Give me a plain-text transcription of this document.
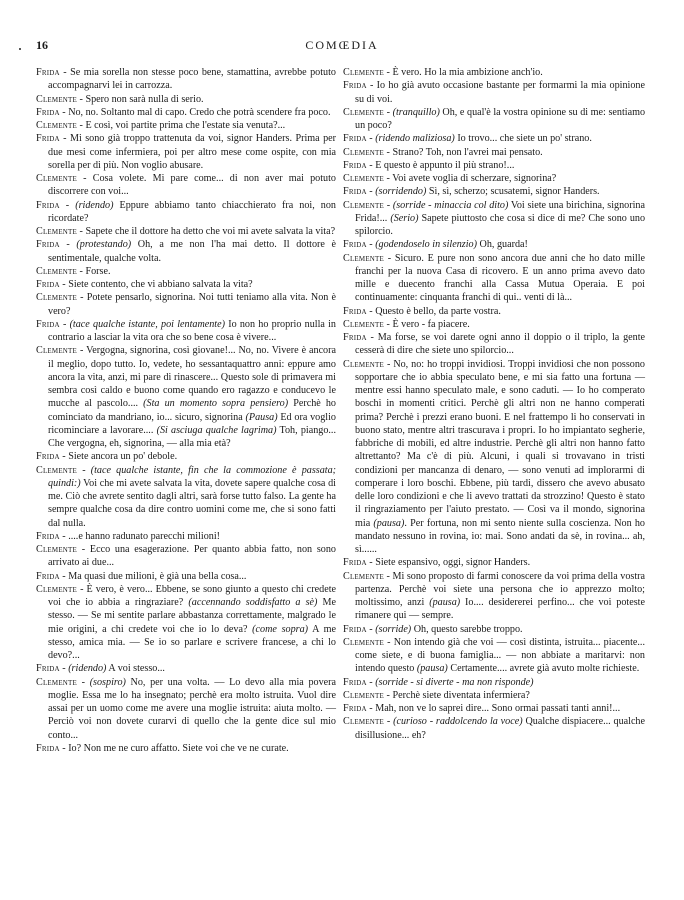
16	COMŒDIA

Frida - Se mia sorella non stesse poco bene, stamattina, avrebbe potuto accompagnarvi lei in carrozza.

Clemente - Spero non sarà nulla di serio.

Frida - No, no. Soltanto mal di capo. Credo che potrà scendere fra poco.

Clemente - E così, voi partite prima che l'estate sia venuta?...

Frida - Mi sono già troppo trattenuta da voi, signor Handers. Prima per due mesi come infermiera, poi per altro mese come ospite, con mia sorella per di più. Non voglio abusare.

Clemente - Cosa volete. Mi pare come... di non aver mai potuto discorrere con voi...

Frida - (ridendo) Eppure abbiamo tanto chiacchierato fra noi, non ricordate?

Clemente - Sapete che il dottore ha detto che voi mi avete salvata la vita?

Frida - (protestando) Oh, a me non l'ha mai detto. Il dottore è sentimentale, qualche volta.

Clemente - Forse.

Frida - Siete contento, che vi abbiano salvata la vita?

Clemente - Potete pensarlo, signorina. Noi tutti teniamo alla vita. Non è vero?

Frida - (tace qualche istante, poi lentamente) Io non ho proprio nulla in contrario a lasciar la vita ora che so bene cosa è vivere...

Clemente - Vergogna, signorina, così giovane!... No, no. Vivere è ancora il meglio, dopo tutto. Io, vedete, ho sessantaquattro anni: eppure amo ancora la vita, anzi, mi pare di rinascere... Questo sole di primavera mi sembra così caldo e buono come quando ero ragazzo e conducevo le mucche al pascolo.... (Sta un momento sopra pensiero) Perchè ho cominciato da mandriano, io... sicuro, signorina (Pausa) Ed ora voglio ricominciare a lavorare.... (Si asciuga qualche lagrima) Toh, piango... Che vergogna, eh, signorina, — alla mia età?

Frida - Siete ancora un po' debole.

Clemente - (tace qualche istante, fin che la commozione è passata; quindi:) Voi che mi avete salvata la vita, dovete sapere qualche cosa di me. Ciò che avrete sentito dagli altri, sarà forse tutto falso. La gente ha sempre qualche cosa da dire contro uomini come me, che si sono fatti dal nulla.

Frida - ....e hanno radunato parecchi milioni!

Clemente - Ecco una esagerazione. Per quanto abbia fatto, non sono arrivato ai due...

Frida - Ma quasi due milioni, è già una bella cosa...

Clemente - È vero, è vero... Ebbene, se sono giunto a questo chi credete voi che io abbia a ringraziare? (accennando soddisfatto a sè) Me stesso. — Se mi sentite parlare abbastanza correttamente, malgrado le mie origini, a chi credete voi che io lo deva? (come sopra) A me stesso, amica mia. — Se io so parlare e scrivere francese, a chi lo devo?...

Frida - (ridendo) A voi stesso...

Clemente - (sospiro) No, per una volta. — Lo devo alla mia povera moglie. Essa me lo ha insegnato; perchè era molto istruita. Vuol dire assai per un uomo come me avere una moglie istruita: aiuta molto. — Perciò voi non dovete curarvi di quello che la gente dice sul mio conto...

Frida - Io? Non me ne curo affatto. Siete voi che ve ne curate.

Clemente - È vero. Ho la mia ambizione anch'io.

Frida - Io ho già avuto occasione bastante per formarmi la mia opinione su di voi.

Clemente - (tranquillo) Oh, e qual'è la vostra opinione su di me: sentiamo un poco?

Frida - (ridendo maliziosa) Io trovo... che siete un po' strano.

Clemente - Strano? Toh, non l'avrei mai pensato.

Frida - E questo è appunto il più strano!...

Clemente - Voi avete voglia di scherzare, signorina?

Frida - (sorridendo) Sì, sì, scherzo; scusatemi, signor Handers.

Clemente - (sorride - minaccia col dito) Voi siete una birichina, signorina Frida!... (Serio) Sapete piuttosto che cosa si dice di me? Che sono uno spilorcio.

Frida - (godendoselo in silenzio) Oh, guarda!

Clemente - Sicuro. E pure non sono ancora due anni che ho dato mille franchi per la nuova Casa di ricovero. E un anno prima avevo dato mille e duecento franchi alla Cassa Mutua Operaia. E poi continuamente: cinquanta franchi di qui.. venti di là...

Frida - Questo è bello, da parte vostra.

Clemente - È vero - fa piacere.

Frida - Ma forse, se voi darete ogni anno il doppio o il triplo, la gente cesserà di dire che siete uno spilorcio...

Clemente - No, no: ho troppi invidiosi. Troppi invidiosi che non possono sopportare che io abbia speculato bene, e mi sia fatto una fortuna — mentre essi hanno speculato male, e sono caduti. — Io ho comperato boschi in momenti critici. Perchè gli altri non ne hanno comperati prima? Perchè i prezzi erano buoni. E nel frattempo li ho conservati in buono stato, mentre altri trascurava i propri. Io ho impiantato segherie, fabbriche di mobili, ed altre industrie. Perchè gli altri non hanno fatto altrettanto? Ma c'è di più. Alcuni, i quali si trovavano in tristi condizioni per mancanza di denaro, — sono venuti ad implorarmi di comperare i loro boschi. Ebbene, più tardi, dissero che avevo abusato delle loro condizioni e che li avevo trattati da strozzino! Questo è stato il ringraziamento per l'aiuto prestato. — Così va il mondo, signorina mia (pausa). Per fortuna, non mi sento niente sulla coscienza. Non ho mandato nessuno in rovina, io: mai. Sono andati da sè, in rovina... ah, sì......

Frida - Siete espansivo, oggi, signor Handers.

Clemente - Mi sono proposto di farmi conoscere da voi prima della vostra partenza. Perchè voi siete una persona che io apprezzo molto; moltissimo, anzi (pausa) Io.... desidererei perfino... che voi poteste rimanere qui — sempre.

Frida - (sorride) Oh, questo sarebbe troppo.

Clemente - Non intendo già che voi — così distinta, istruita... piacente... come siete, e di buona famiglia... — non abbiate a maritarvi: non intendo questo (pausa) Certamente.... avrete già avuto molte richieste.

Frida - (sorride - si diverte - ma non risponde)

Clemente - Perchè siete diventata infermiera?

Frida - Mah, non ve lo saprei dire... Sono ormai passati tanti anni!...

Clemente - (curioso - raddolcendo la voce) Qualche dispiacere... qualche disillusione... eh?
